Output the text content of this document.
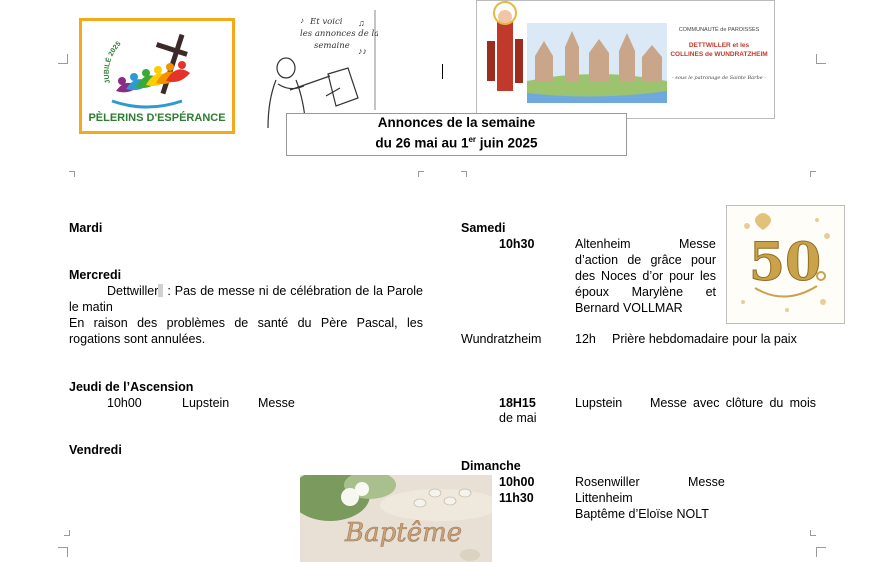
JUBILÉ 2025
PÈLERINS D'ESPÉRANCE
Et voici les annonces de la semaine
♪	♫
♪♪
COMMUNAUTÉ de PAROISSES
DETTWILLER et les
COLLINES de WUNDRATZHEIM
- sous le patronage de Sainte Barbe -
Annonces de la semaine
du 26 mai au 1er juin 2025
Mardi
Mercredi
Dettwiller : Pas de messe ni de célébration de la Parole le matin
En raison des problèmes de santé du Père Pascal, les rogations sont annulées.
Jeudi de l’Ascension
10h00	Lupstein Messe
Vendredi
Baptême
Samedi
10h30	Altenheim	Messe
d’action de grâce pour des Noces d’or pour les époux Marylène et Bernard VOLLMAR
50
Wundratzheim	12h Prière hebdomadaire pour la paix
18H15	Lupstein Messe avec clôture du mois
de mai
Dimanche
10h00	Rosenwiller	Messe
11h30	Littenheim
Baptême d’Eloïse NOLT
